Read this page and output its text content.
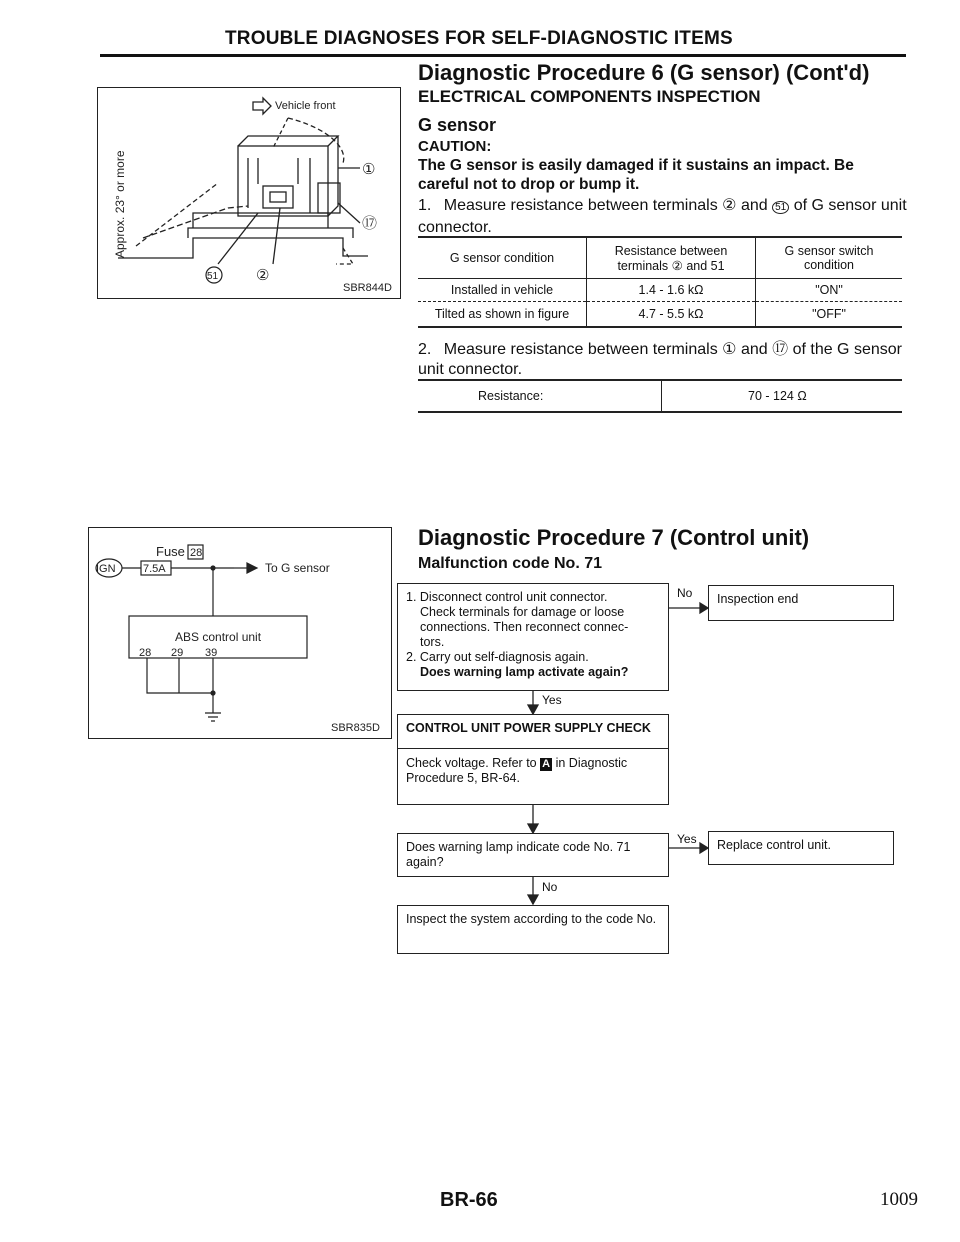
TROUBLE DIAGNOSES FOR SELF-DIAGNOSTIC ITEMS
Vehicle front
Approx. 23° or more	①
⑰
51	②
SBR844D
Diagnostic Procedure 6 (G sensor) (Cont'd)
ELECTRICAL COMPONENTS INSPECTION
G sensor
CAUTION:
The G sensor is easily damaged if it sustains an impact. Be careful not to drop or bump it.
1. Measure resistance between terminals ② and 51 of G sensor unit connector.
G sensor condition	Resistance between terminals ② and 51	G sensor switch condition
Installed in vehicle	1.4 - 1.6 kΩ	"ON"
Tilted as shown in figure	4.7 - 5.5 kΩ	"OFF"
2. Measure resistance between terminals ① and ⑰ of the G sensor unit connector.
Resistance:	70 - 124 Ω
IGN
Fuse 28
7.5A	To G sensor
ABS control unit
28 29 39
SBR835D
Diagnostic Procedure 7 (Control unit)
Malfunction code No. 71
1. Disconnect control unit connector.
Check terminals for damage or loose
connections. Then reconnect connec-
tors.
2. Carry out self-diagnosis again.
Does warning lamp activate again?
No	Inspection end
Yes
CONTROL UNIT POWER SUPPLY CHECK
Check voltage. Refer to A in Diagnostic Procedure 5, BR-64.
Does warning lamp indicate code No. 71 again?
Yes	Replace control unit.
No
Inspect the system according to the code No.
BR-66	1009
